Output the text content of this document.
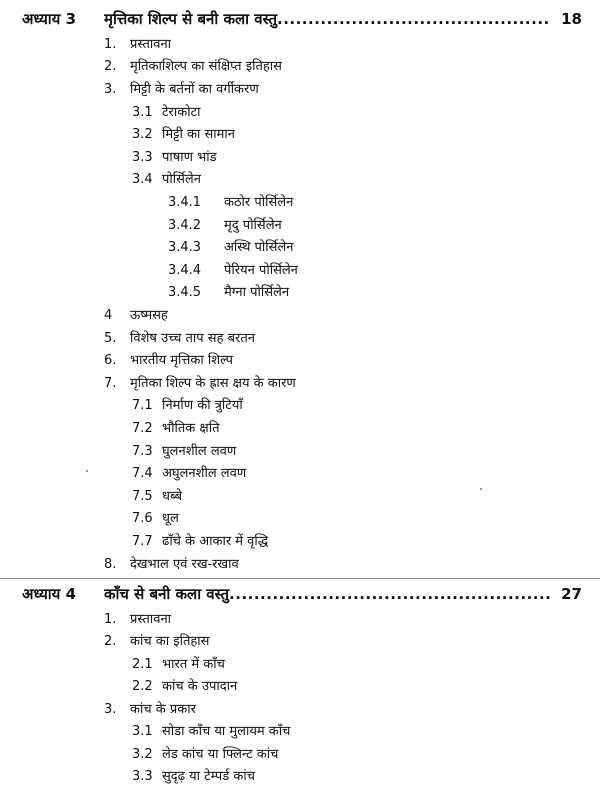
अध्याय 3 मृत्तिका शिल्प से बनी कला वस्तु .....	18
1. प्रस्तावना
2. मृतिकाशिल्प का संक्षिप्त इतिहास
3. मिट्टी के बर्तनों का वर्गीकरण
3.1 टेराकोटा
3.2 मिट्टी का सामान
3.3 पाषाण भांड
3.4 पोर्सिलेन
3.4.1 कठोर पोर्सिलेन
3.4.2 मृदु पोर्सिलेन
3.4.3 अस्थि पोर्सिलेन
3.4.4 पेरियन पोर्सिलेन
3.4.5 मैग्ना पोर्सिलेन
4 ऊष्मसह
5. विशेष उच्च ताप सह बरतन
6. भारतीय मृत्तिका शिल्प
7. मृतिका शिल्प के ह्रास क्षय के कारण
7.1 निर्माण की त्रुटियाँ
7.2 भौतिक क्षति
7.3 घुलनशील लवण
7.4 अघुलनशील लवण
7.5 धब्बे
7.6 धूल
7.7 ढाँचे के आकार में वृद्धि
8. देखभाल एवं रख-रखाव
अध्याय 4 काँच से बनी कला वस्तु .....	27
1. प्रस्तावना
2. कांच का इतिहास
2.1 भारत में काँच
2.2 कांच के उपादान
3. कांच के प्रकार
3.1 सोडा काँच या मुलायम काँच
3.2 लेड कांच या फ्लिन्ट कांच
3.3 सुदृढ़ या टेम्पर्ड कांच
